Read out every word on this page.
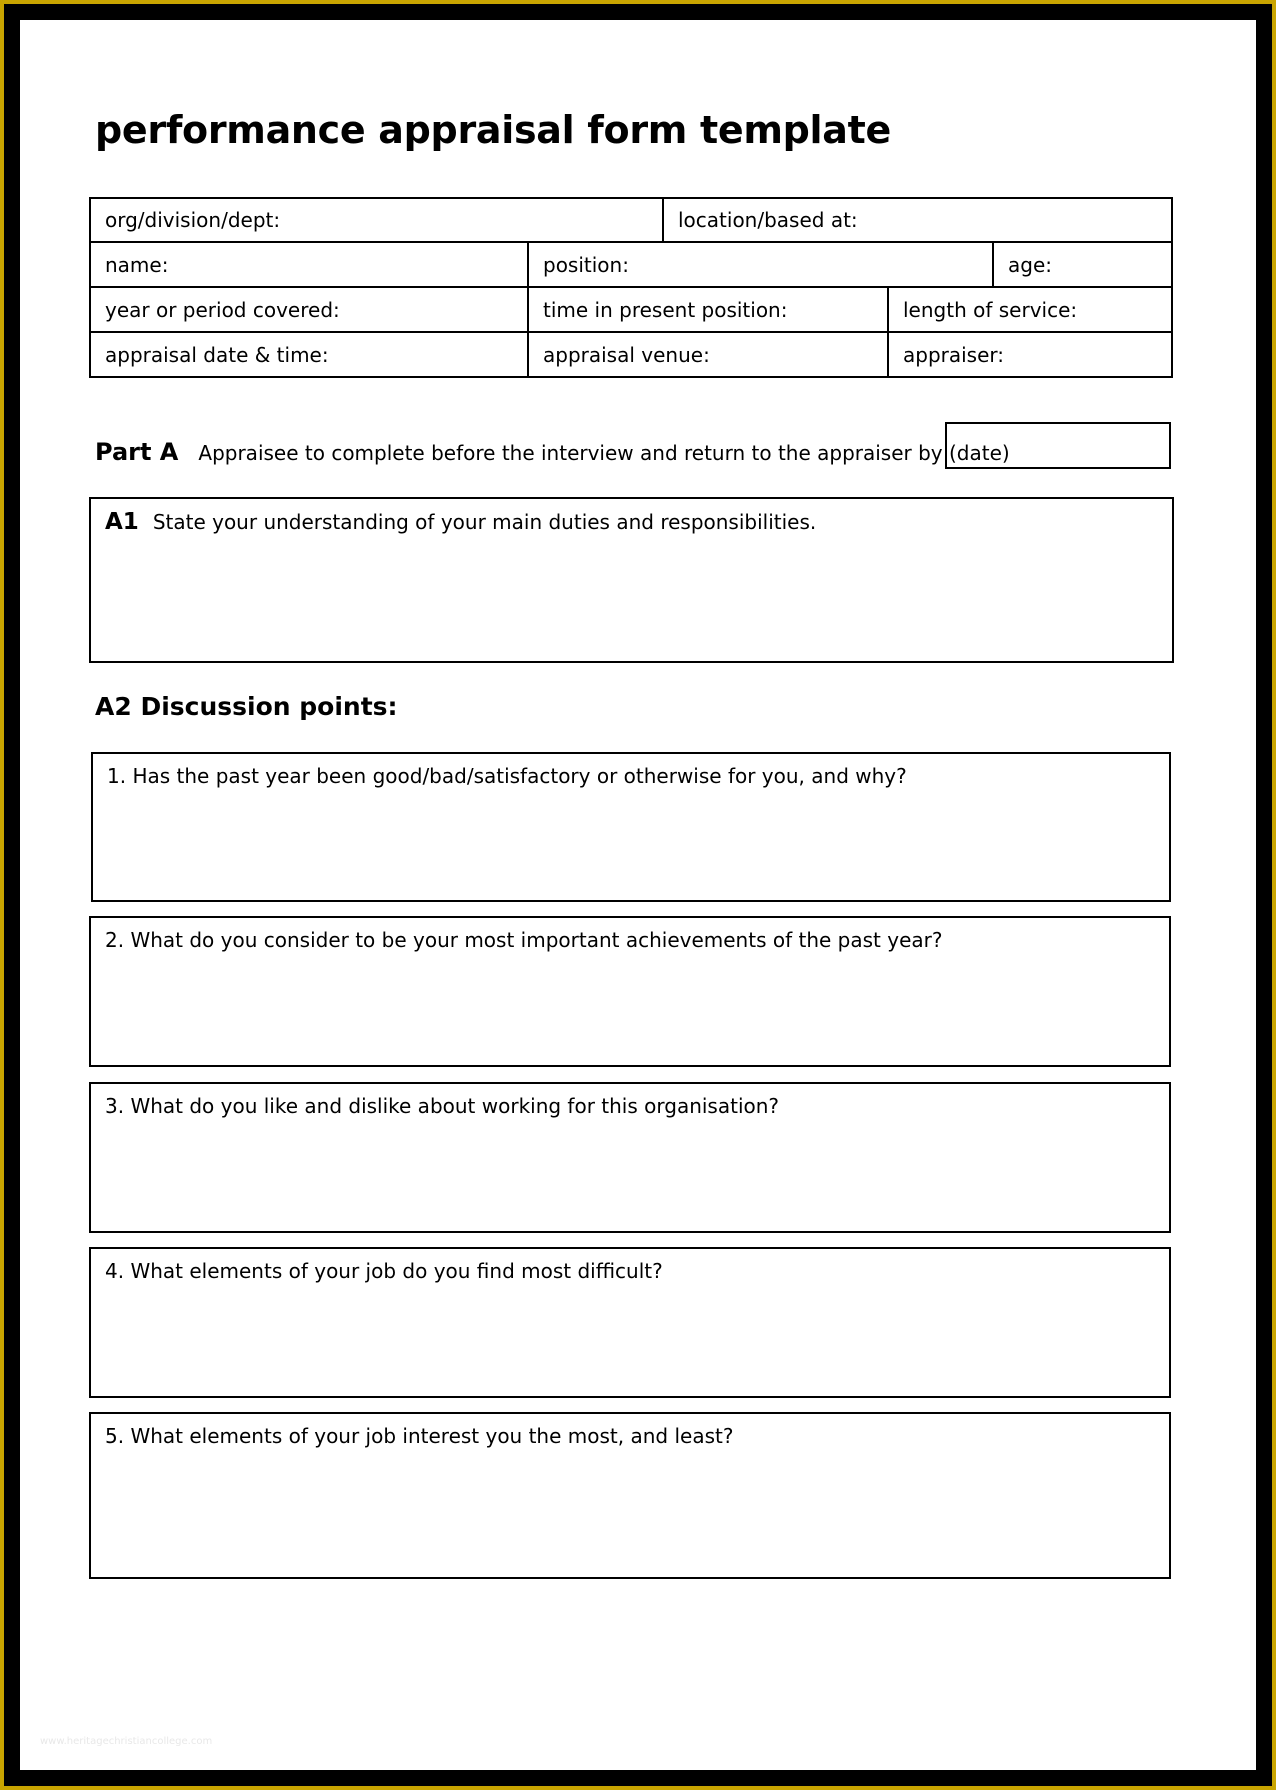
performance appraisal form template
org/division/dept:	location/based at:
name:	position:	age:
year or period covered:	time in present position:	length of service:
appraisal date & time:	appraisal venue:	appraiser:
Part A Appraisee to complete before the interview and return to the appraiser by (date)
A1 State your understanding of your main duties and responsibilities.
A2 Discussion points:
1. Has the past year been good/bad/satisfactory or otherwise for you, and why?
2. What do you consider to be your most important achievements of the past year?
3. What do you like and dislike about working for this organisation?
4. What elements of your job do you find most difficult?
5. What elements of your job interest you the most, and least?
www.heritagechristiancollege.com
